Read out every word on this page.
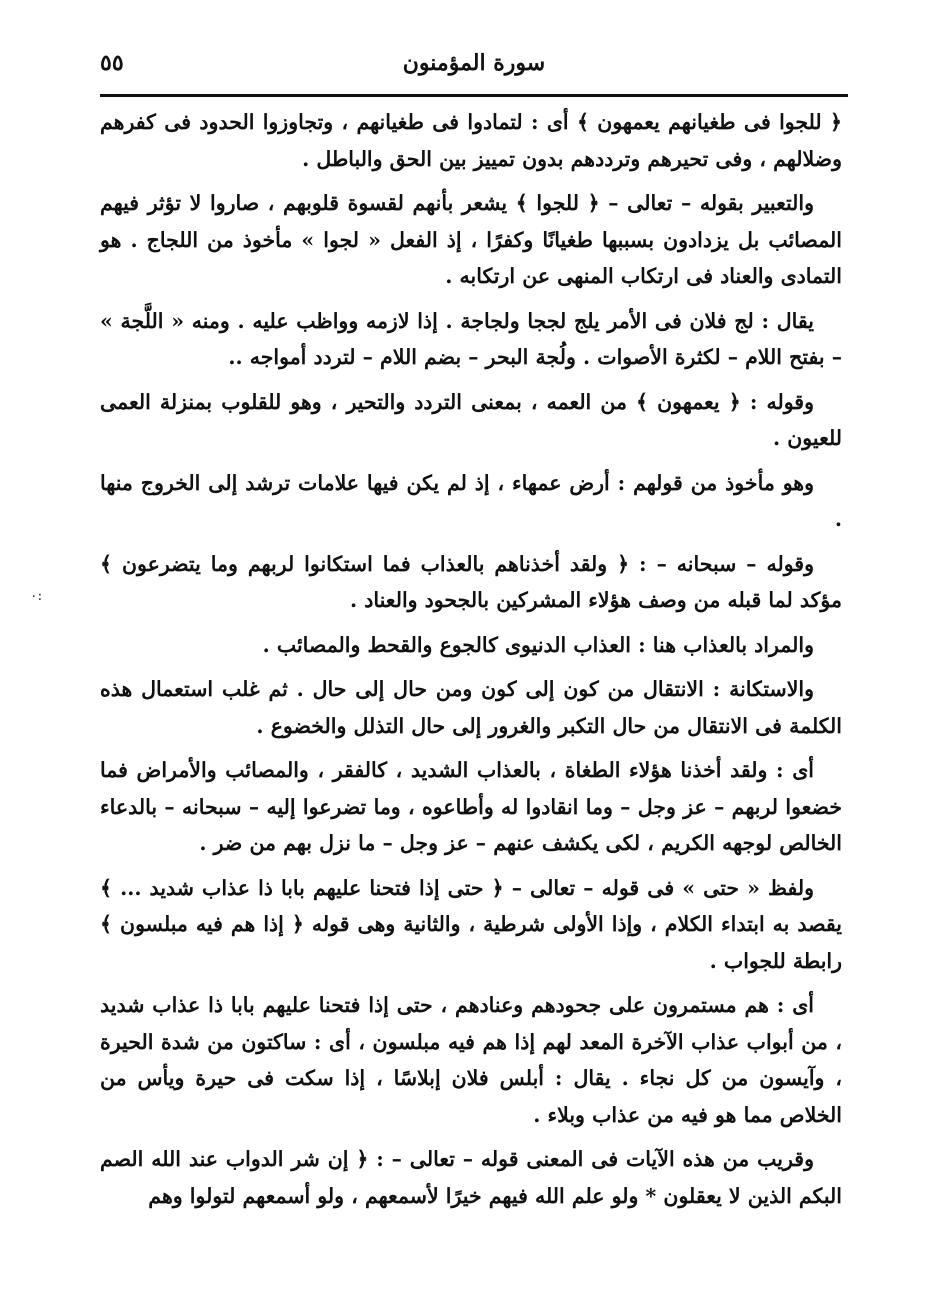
٥٥	سورة المؤمنون

﴿ للجوا فى طغيانهم يعمهون ﴾ أى : لتمادوا فى طغيانهم ، وتجاوزوا الحدود فى كفرهم وضلالهم ، وفى تحيرهم وترددهم بدون تمييز بين الحق والباطل .

والتعبير بقوله – تعالى – ﴿ للجوا ﴾ يشعر بأنهم لقسوة قلوبهم ، صاروا لا تؤثر فيهم المصائب بل يزدادون بسببها طغيانًا وكفرًا ، إذ الفعل « لجوا » مأخوذ من اللجاج . هو التمادى والعناد فى ارتكاب المنهى عن ارتكابه .

يقال : لج فلان فى الأمر يلج لججا ولجاجة . إذا لازمه وواظب عليه . ومنه « اللَّجة » – بفتح اللام – لكثرة الأصوات . ولُجة البحر – بضم اللام – لتردد أمواجه ..

وقوله : ﴿ يعمهون ﴾ من العمه ، بمعنى التردد والتحير ، وهو للقلوب بمنزلة العمى للعيون .

وهو مأخوذ من قولهم : أرض عمهاء ، إذ لم يكن فيها علامات ترشد إلى الخروج منها .

وقوله – سبحانه – : ﴿ ولقد أخذناهم بالعذاب فما استكانوا لربهم وما يتضرعون ﴾ مؤكد لما قبله من وصف هؤلاء المشركين بالجحود والعناد .

والمراد بالعذاب هنا : العذاب الدنيوى كالجوع والقحط والمصائب .

والاستكانة : الانتقال من كون إلى كون ومن حال إلى حال . ثم غلب استعمال هذه الكلمة فى الانتقال من حال التكبر والغرور إلى حال التذلل والخضوع .

أى : ولقد أخذنا هؤلاء الطغاة ، بالعذاب الشديد ، كالفقر ، والمصائب والأمراض فما خضعوا لربهم – عز وجل – وما انقادوا له وأطاعوه ، وما تضرعوا إليه – سبحانه – بالدعاء الخالص لوجهه الكريم ، لكى يكشف عنهم – عز وجل – ما نزل بهم من ضر .

ولفظ « حتى » فى قوله – تعالى – ﴿ حتى إذا فتحنا عليهم بابا ذا عذاب شديد ... ﴾ يقصد به ابتداء الكلام ، وإذا الأولى شرطية ، والثانية وهى قوله ﴿ إذا هم فيه مبلسون ﴾ رابطة للجواب .

أى : هم مستمرون على جحودهم وعنادهم ، حتى إذا فتحنا عليهم بابا ذا عذاب شديد ، من أبواب عذاب الآخرة المعد لهم إذا هم فيه مبلسون ، أى : ساكتون من شدة الحيرة ، وآيسون من كل نجاء . يقال : أبلس فلان إبلاسًا ، إذا سكت فى حيرة ويأس من الخلاص مما هو فيه من عذاب وبلاء .

وقريب من هذه الآيات فى المعنى قوله – تعالى – : ﴿ إن شر الدواب عند الله الصم البكم الذين لا يعقلون * ولو علم الله فيهم خيرًا لأسمعهم ، ولو أسمعهم لتولوا وهم

٠:
